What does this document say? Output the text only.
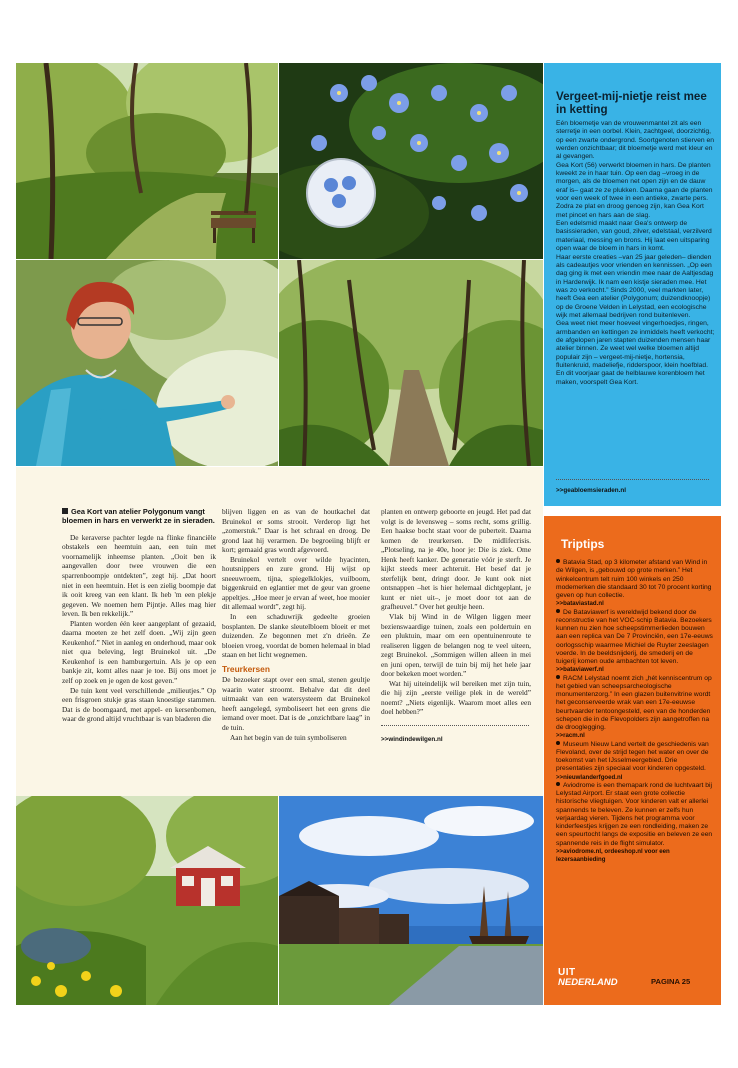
Vergeet-mij-nietje reist mee in ketting

Eén bloemetje van de vrouwenmantel zit als een sterretje in een oorbel. Klein, zachtgeel, doorzichtig, op een zwarte ondergrond. Soortgenoten stierven en werden onzichtbaar; dit bloemetje werd met kleur en al gevangen.

Gea Kort (56) verwerkt bloemen in hars. De planten kweekt ze in haar tuin. Op een dag –vroeg in de morgen, als de bloemen net open zijn en de dauw eraf is– gaat ze ze plukken. Daarna gaan de planten voor een week of twee in een antieke, zwarte pers. Zodra ze plat en droog genoeg zijn, kan Gea Kort met pincet en hars aan de slag.

Een edelsmid maakt naar Gea's ontwerp de basissieraden, van goud, zilver, edelstaal, verzilverd materiaal, messing en brons. Hij laat een uitsparing open waar de bloem in hars in komt.

Haar eerste creaties –van 25 jaar geleden– dienden als cadeautjes voor vrienden en kennissen. „Op een dag ging ik met een vriendin mee naar de Aaltjesdag in Harderwijk. Ik nam een kistje sieraden mee. Het was zo verkocht.” Sinds 2000, veel markten later, heeft Gea een atelier (Polygonum; duizendknoopje) op de Groene Velden in Lelystad, een ecologische wijk met allemaal bedrijven rond buitenleven.

Gea weet niet meer hoeveel vingerhoedjes, ringen, armbanden en kettingen ze inmiddels heeft verkocht; de afgelopen jaren stapten duizenden mensen haar atelier binnen. Ze weet wel welke bloemen altijd populair zijn – vergeet-mij-nietje, hortensia, fluitenkruid, madeliefje, ridderspoor, klein hoefblad. En dit voorjaar gaat de helblauwe korenbloem het maken, voorspelt Gea Kort.

>>geabloemsieraden.nl
Gea Kort van atelier Polygonum vangt bloemen in hars en verwerkt ze in sieraden.

De keraverse pachter legde na flinke financiële obstakels een heemtuin aan, een tuin met voornamelijk inheemse planten. „Ooit ben ik aangevallen door twee vrouwen die een sparrenboompje ontdekten”, zegt hij. „Dat hoort niet in een heemtuin. Het is een zielig boompje dat ik ooit kreeg van een klant. Ik heb 'm een plekje gegeven. We noemen hem Pijntje. Alles mag hier leven. Ik ben rekkelijk.”

Planten worden één keer aangeplant of gezaaid, daarna moeten ze het zelf doen. „Wij zijn geen Keukenhof.” Niet in aanleg en onderhoud, maar ook niet qua beleving, legt Bruinekol uit. „De Keukenhof is een hamburgertuin. Als je op een bankje zit, komt alles naar je toe. Bij ons moet je zelf op zoek en je ogen de kost geven.”

De tuin kent veel verschillende „milieutjes.” Op een frisgroen stukje gras staan knoestige stammen. Dat is de boomgaard, met appel- en kersenbomen, waar de grond altijd vruchtbaar is van bladeren die

blijven liggen en as van de houtkachel dat Bruinekol er soms strooit. Verderop ligt het „zomerstuk.” Daar is het schraal en droog. De grond laat hij verarmen. De begroeiing blijft er kort; gemaaid gras wordt afgevoerd.

Bruinekol vertelt over wilde hyacinten, houtsnippers en zure grond. Hij wijst op sneeuwroem, tijna, spiegelklokjes, vuilboom, biggenkruid en eglantier met de geur van groene appeltjes. „Hoe meer je ervan af weet, hoe mooier dit allemaal wordt”, zegt hij.

In een schaduwrijk gedeelte groeien bosplanten. De slanke sleutelbloem bloeit er met duizenden. Ze begonnen met z'n drieën. Ze bloeien vroeg, voordat de bomen helemaal in blad staan en het licht wegnemen.

Treurkersen

De bezoeker stapt over een smal, stenen geultje waarin water stroomt. Behalve dat dit deel uitmaakt van een watersysteem dat Bruinekol heeft aangelegd, symboliseert het een grens die iemand over moet. Dat is de „onzichtbare laag” in de tuin.

Aan het begin van de tuin symboliseren

planten en ontwerp geboorte en jeugd. Het pad dat volgt is de levensweg – soms recht, soms grillig. Een haakse bocht staat voor de puberteit. Daarna komen de treurkersen. De midlifecrisis. „Plotseling, na je 40e, hoor je: Die is ziek. Ome Henk heeft kanker. De generatie vóór je sterft. Je kijkt steeds meer achteruit. Het besef dat je sterfelijk bent, dringt door. Je kunt ook niet ontsnappen –het is hier helemaal dichtgeplant, je kunt er niet uit–, je moet door tot aan de grafheuvel.” Over het geultje heen.

Vlak bij Wind in de Wilgen liggen meer bezienswaardige tuinen, zoals een poldertuin en een pluktuin, maar om een opentuinenroute te realiseren liggen de belangen nog te veel uiteen, zegt Bruinekol. „Sommigen willen alleen in mei en juni open, terwijl de tuin bij mij het hele jaar door bekeken moet worden.”

Wat hij uiteindelijk wil bereiken met zijn tuin, die hij zijn „eerste veilige plek in de wereld” noemt? „Niets eigenlijk. Waarom moet alles een doel hebben?”

>>windindewilgen.nl
Triptips

Batavia Stad, op 3 kilometer afstand van Wind in de Wilgen, is „gebouwd op grote merken.” Het winkelcentrum telt ruim 100 winkels en 250 modemerken die standaard 30 tot 70 procent korting geven op hun collectie.

>>bataviastad.nl

De Bataviawerf is wereldwijd bekend door de reconstructie van het VOC-schip Batavia. Bezoekers kunnen nu zien hoe scheepstimmerlieden bouwen aan een replica van De 7 Provinciën, een 17e-eeuws oorlogsschip waarmee Michiel de Ruyter zeeslagen voerde. In de beeldsnijderij, de smederij en de tuigerij komen oude ambachten tot leven.

>>bataviawerf.nl

RACM Lelystad noemt zich „hét kenniscentrum op het gebied van scheepsarcheologische monumentenzorg.” In een glazen buitenvitrine wordt het geconserveerde wrak van een 17e-eeuwse beurtvaarder tentoongesteld, een van de honderden schepen die in de Flevopolders zijn aangetroffen na de drooglegging.

>>racm.nl

Museum Nieuw Land vertelt de geschiedenis van Flevoland, over de strijd tegen het water en over de toekomst van het IJsselmeergebied. Drie presentaties zijn speciaal voor kinderen opgesteld.

>>nieuwlanderfgoed.nl

Aviodrome is een themapark rond de luchtvaart bij Lelystad Airport. Er staat een grote collectie historische vliegtuigen. Voor kinderen valt er allerlei spannends te beleven. Ze kunnen er zelfs hun verjaardag vieren. Tijdens het programma voor kinderfeestjes krijgen ze een rondleiding, maken ze een speurtocht langs de expositie en beleven ze een spannende reis in de flight simulator.

>>aviodrome.nl, ordeeshop.nl voor een lezersaanbieding

UIT
NEDERLAND	PAGINA 25
